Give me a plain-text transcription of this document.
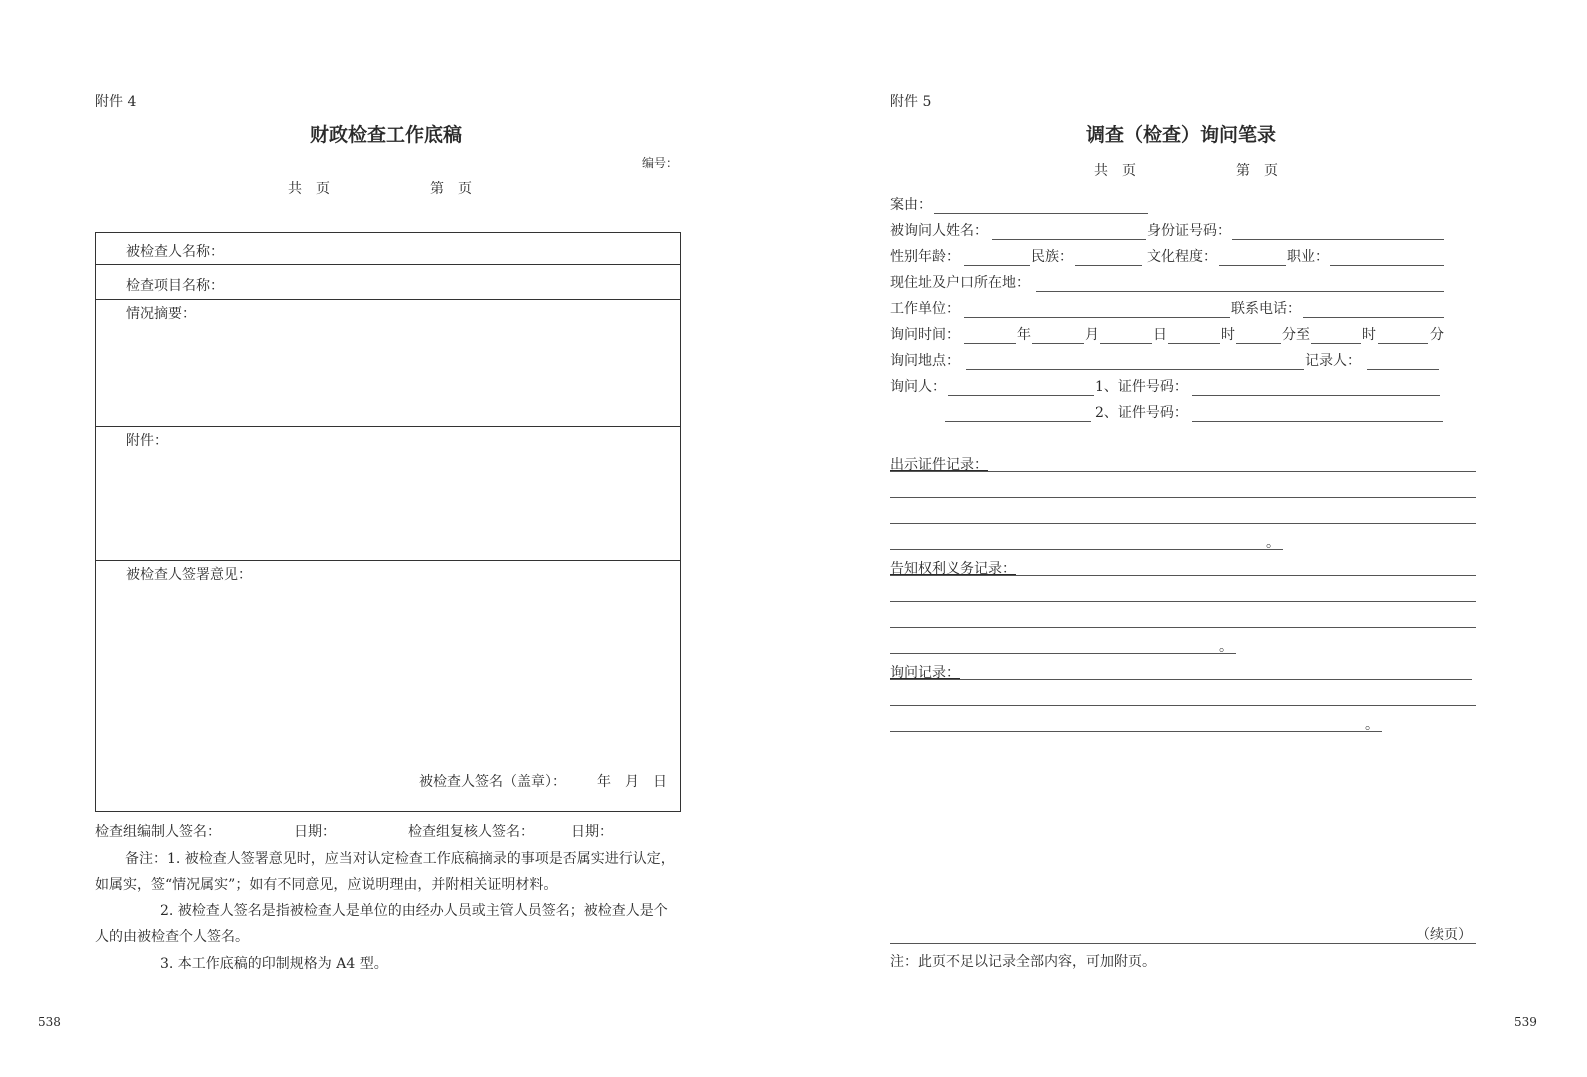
附件 4
财政检查工作底稿
编号：
共　页	第　页
被检查人名称：
检查项目名称：
情况摘要：
附件：
被检查人签署意见：
被检查人签名（盖章）： 年　月　日
检查组编制人签名：	日期：	检查组复核人签名：	日期：
备注：1. 被检查人签署意见时，应当对认定检查工作底稿摘录的事项是否属实进行认定，
如属实，签“情况属实”；如有不同意见，应说明理由，并附相关证明材料。
2. 被检查人签名是指被检查人是单位的由经办人员或主管人员签名；被检查人是个
人的由被检查个人签名。
3. 本工作底稿的印制规格为 A4 型。
538
附件 5
调查（检查）询问笔录
共　页	第　页
案由：
被询问人姓名：	身份证号码：
性别年龄：	民族：	文化程度：	职业：
现住址及户口所在地：
工作单位：	联系电话：
询问时间：	年	月	日	时	分至	时	分
询问地点：	记录人：
询问人：	1、证件号码：
2、证件号码：
出示证件记录：
。
告知权利义务记录：
。
询问记录：
。
（续页）
注：此页不足以记录全部内容，可加附页。
539
